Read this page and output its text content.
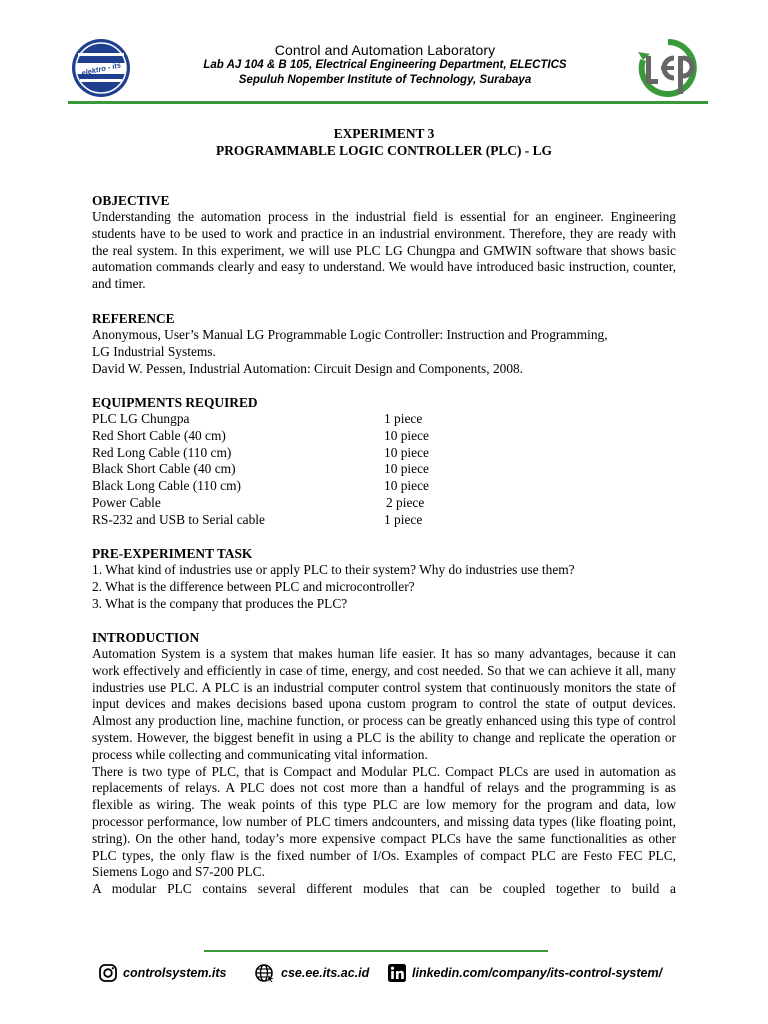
elektro - its
Control and Automation Laboratory
Lab AJ 104 & B 105, Electrical Engineering Department, ELECTICS
Sepuluh Nopember Institute of Technology, Surabaya
EXPERIMENT 3
PROGRAMMABLE LOGIC CONTROLLER (PLC) - LG
OBJECTIVE

Understanding the automation process in the industrial field is essential for an engineer. Engineering students have to be used to work and practice in an industrial environment. Therefore, they are ready with the real system. In this experiment, we will use PLC LG Chungpa and GMWIN software that shows basic automation commands clearly and easy to understand. We would have introduced basic instruction, counter, and timer.

REFERENCE

Anonymous, User’s Manual LG Programmable Logic Controller: Instruction and Programming,

LG Industrial Systems.

David W. Pessen, Industrial Automation: Circuit Design and Components, 2008.

EQUIPMENTS REQUIRED
PLC LG Chungpa	1 piece
Red Short Cable (40 cm)	10 piece
Red Long Cable (110 cm)	10 piece
Black Short Cable (40 cm)	10 piece
Black Long Cable (110 cm)	10 piece
Power Cable	2 piece
RS-232 and USB to Serial cable	1 piece
PRE-EXPERIMENT TASK

1. What kind of industries use or apply PLC to their system? Why do industries use them?

2. What is the difference between PLC and microcontroller?

3. What is the company that produces the PLC?

INTRODUCTION

Automation System is a system that makes human life easier. It has so many advantages, because it can work effectively and efficiently in case of time, energy, and cost needed. So that we can achieve it all, many industries use PLC. A PLC is an industrial computer control system that continuously monitors the state of input devices and makes decisions based upona custom program to control the state of output devices. Almost any production line, machine function, or process can be greatly enhanced using this type of control system. However, the biggest benefit in using a PLC is the ability to change and replicate the operation or process while collecting and communicating vital information.

There is two type of PLC, that is Compact and Modular PLC. Compact PLCs are used in automation as replacements of relays. A PLC does not cost more than a handful of relays and the programming is as flexible as wiring. The weak points of this type PLC are low memory for the program and data, low processor performance, low number of PLC timers andcounters, and missing data types (like floating point, string). On the other hand, today’s more expensive compact PLCs have the same functionalities as other PLC types, the only flaw is the fixed number of I/Os. Examples of compact PLC are Festo FEC PLC, Siemens Logo and S7-200 PLC.

A modular PLC contains several different modules that can be coupled together to build a

controlsystem.its	cse.ee.its.ac.id	linkedin.com/company/its-control-system/
